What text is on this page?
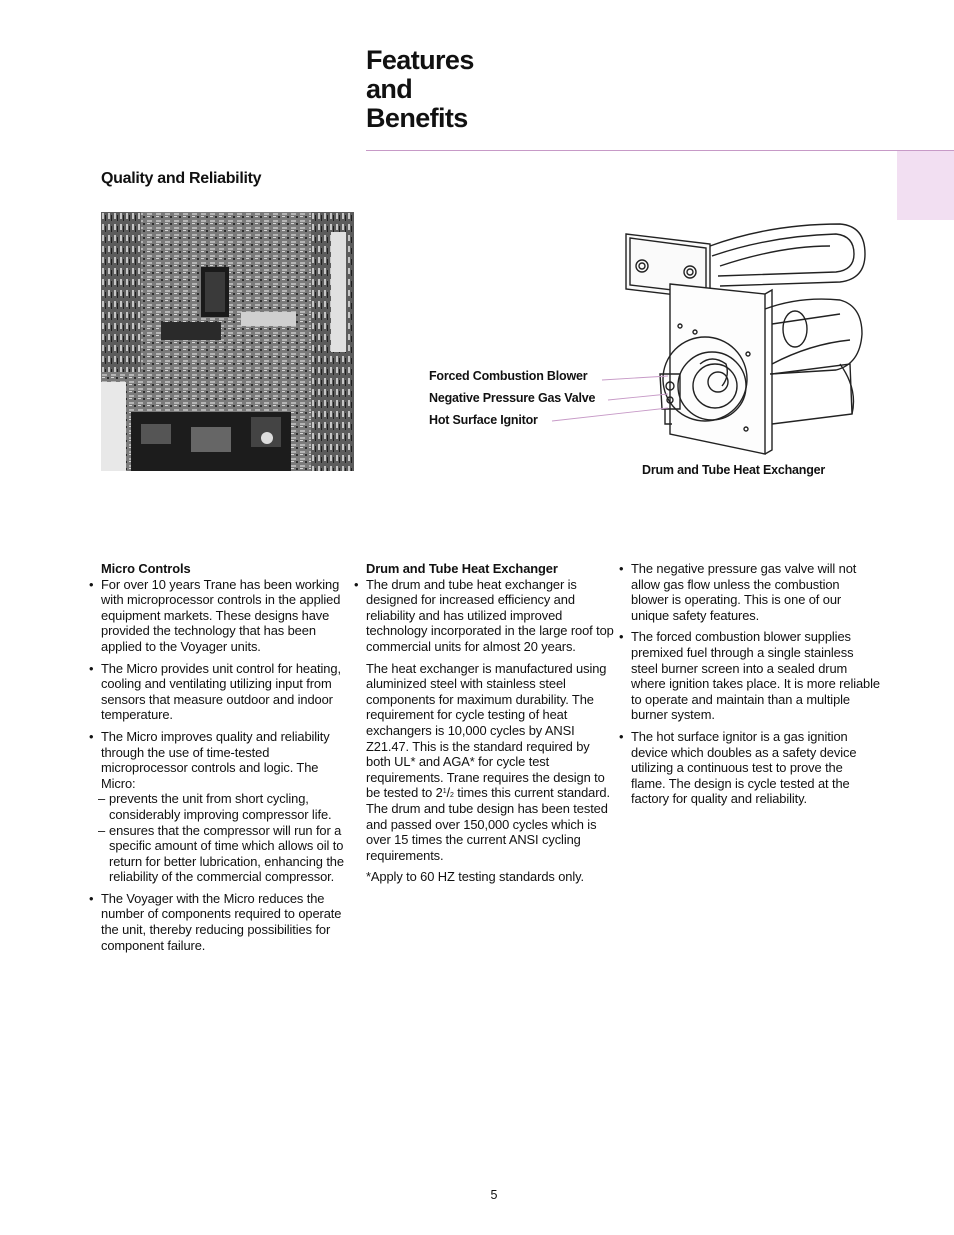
Features
and
Benefits
Quality and Reliability
Forced Combustion Blower
Negative Pressure Gas Valve
Hot Surface Ignitor
Drum and Tube Heat Exchanger

Micro Controls

• For over 10 years Trane has been working with microprocessor controls in the applied equipment markets. These designs have provided the technology that has been applied to the Voyager units.

• The Micro provides unit control for heating, cooling and ventilating utilizing input from sensors that measure outdoor and indoor temperature.

• The Micro improves quality and reliability through the use of time-tested microprocessor controls and logic. The Micro:

– prevents the unit from short cycling, considerably improving compressor life.

– ensures that the compressor will run for a specific amount of time which allows oil to return for better lubrication, enhancing the reliability of the commercial compressor.

• The Voyager with the Micro reduces the number of components required to operate the unit, thereby reducing possibilities for component failure.

Drum and Tube Heat Exchanger

• The drum and tube heat exchanger is designed for increased efficiency and reliability and has utilized improved technology incorporated in the large roof top commercial units for almost 20 years.

The heat exchanger is manufactured using aluminized steel with stainless steel components for maximum durability. The requirement for cycle testing of heat exchangers is 10,000 cycles by ANSI Z21.47. This is the standard required by both UL* and AGA* for cycle test requirements. Trane requires the design to be tested to $2^1/2$ times this current standard. The drum and tube design has been tested and passed over 150,000 cycles which is over 15 times the current ANSI cycling requirements.

*Apply to 60 HZ testing standards only.

• The negative pressure gas valve will not allow gas flow unless the combustion blower is operating. This is one of our unique safety features.

• The forced combustion blower supplies premixed fuel through a single stainless steel burner screen into a sealed drum where ignition takes place. It is more reliable to operate and maintain than a multiple burner system.

• The hot surface ignitor is a gas ignition device which doubles as a safety device utilizing a continuous test to prove the flame. The design is cycle tested at the factory for quality and reliability.

5
